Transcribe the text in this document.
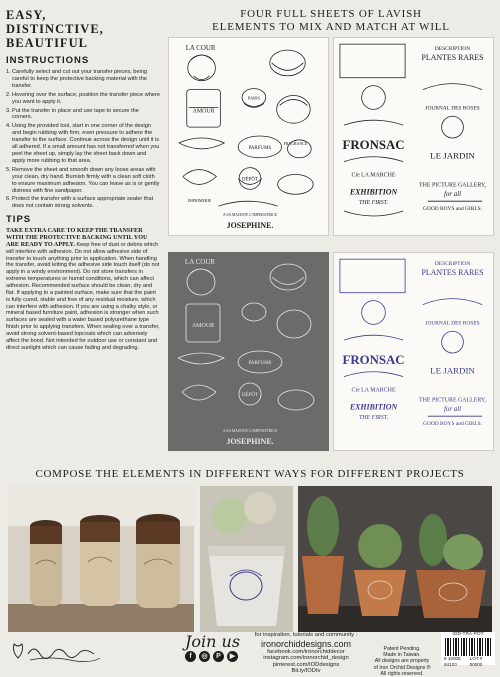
EASY,
DISTINCTIVE,
BEAUTIFUL
INSTRUCTIONS
1. Carefully select and cut out your transfer pieces, being careful to keep the protective backing material with the transfer.
2. Hovering over the surface, position the transfer piece where you want to apply it.
3. Put the transfer in place and use tape to secure the corners.
4. Using the provided tool, start in one corner of the design and begin rubbing with firm, even pressure to adhere the transfer to the surface. Continue across the design until it is all adhered. If a small amount has not transferred when you peel the sheet up, simply lay the sheet back down and apply more rubbing to that area.
5. Remove the sheet and smooth down any loose areas with your clean, dry hand. Burnish firmly with a clean soft cloth to ensure maximum adhesion. You can leave as is or gently distress with fine sandpaper.
6. Protect the transfer with a surface appropriate sealer that does not contain strong solvents.
TIPS
TAKE EXTRA CARE TO KEEP THE TRANSFER WITH THE PROTECTIVE BACKING UNTIL YOU ARE READY TO APPLY. Keep free of dust or debris which will interfere with adhesion. Do not allow adhesive side of transfer to touch anything prior to application. When handling the transfer, avoid letting the adhesive side touch itself (do not apply in a windy environment). Do not store transfers in extreme temperatures or humid conditions, which can affect adhesion. Recommended surface should be clean, dry and flat. If applying to a painted surface, make sure that the paint is fully cured, stable and free of any residual moisture, which can interfere with adhesion. If you are using a chalky style, or mineral based furniture paint, adhesion is stronger when such surfaces are sealed with a water based polyurethane type finish prior to applying transfers. When sealing over a transfer, avoid strong solvent-based topcoats which can adversely affect the bond. Not intended for outdoor use or constant and direct sunlight which can cause fading and degrading.
FOUR FULL SHEETS OF LAVISH
ELEMENTS TO MIX AND MATCH AT WILL
LA COUR
AMOUR
PARIS
PARFUMS
FRAGRANCE
DÉPÔT
IMPRIMERIE
A SA MAJESTE L'IMPERATRICE
JOSEPHINE.
DESCRIPTION
PLANTES RARES
JOURNAL DES ROSES
FRONSAC
LE JARDIN
Cie LA MARCHE
EXHIBITION
THE FIRST.
THE PICTURE GALLERY,
for all
GOOD BOYS and GIRLS.
LA COUR
AMOUR
PARFUMS
DÉPÔT
A SA MAJESTE L'IMPERATRICE
JOSEPHINE.
DESCRIPTION
PLANTES RARES
JOURNAL DES ROSES
FRONSAC
LE JARDIN
Cie LA MARCHE
EXHIBITION
THE FIRST.
THE PICTURE GALLERY,
for all
GOOD BOYS and GIRLS.
COMPOSE THE ELEMENTS IN DIFFERENT WAYS FOR DIFFERENT PROJECTS
Join us
f	◎	P	▶
for inspiration, tutorials and community :
ironorchiddesigns.com
facebook.com/ironorchiddecor
instagram.com/ironorchid_design
pinterest.com/IODdesigns
Bit.ly/IODtv
Patent Pending.
Made in Taiwan.
All designs are property
of Iron Orchid Designs ®
All rights reserved.
IOD-TRA-POT
8 10005 84120
LOT # 00000
